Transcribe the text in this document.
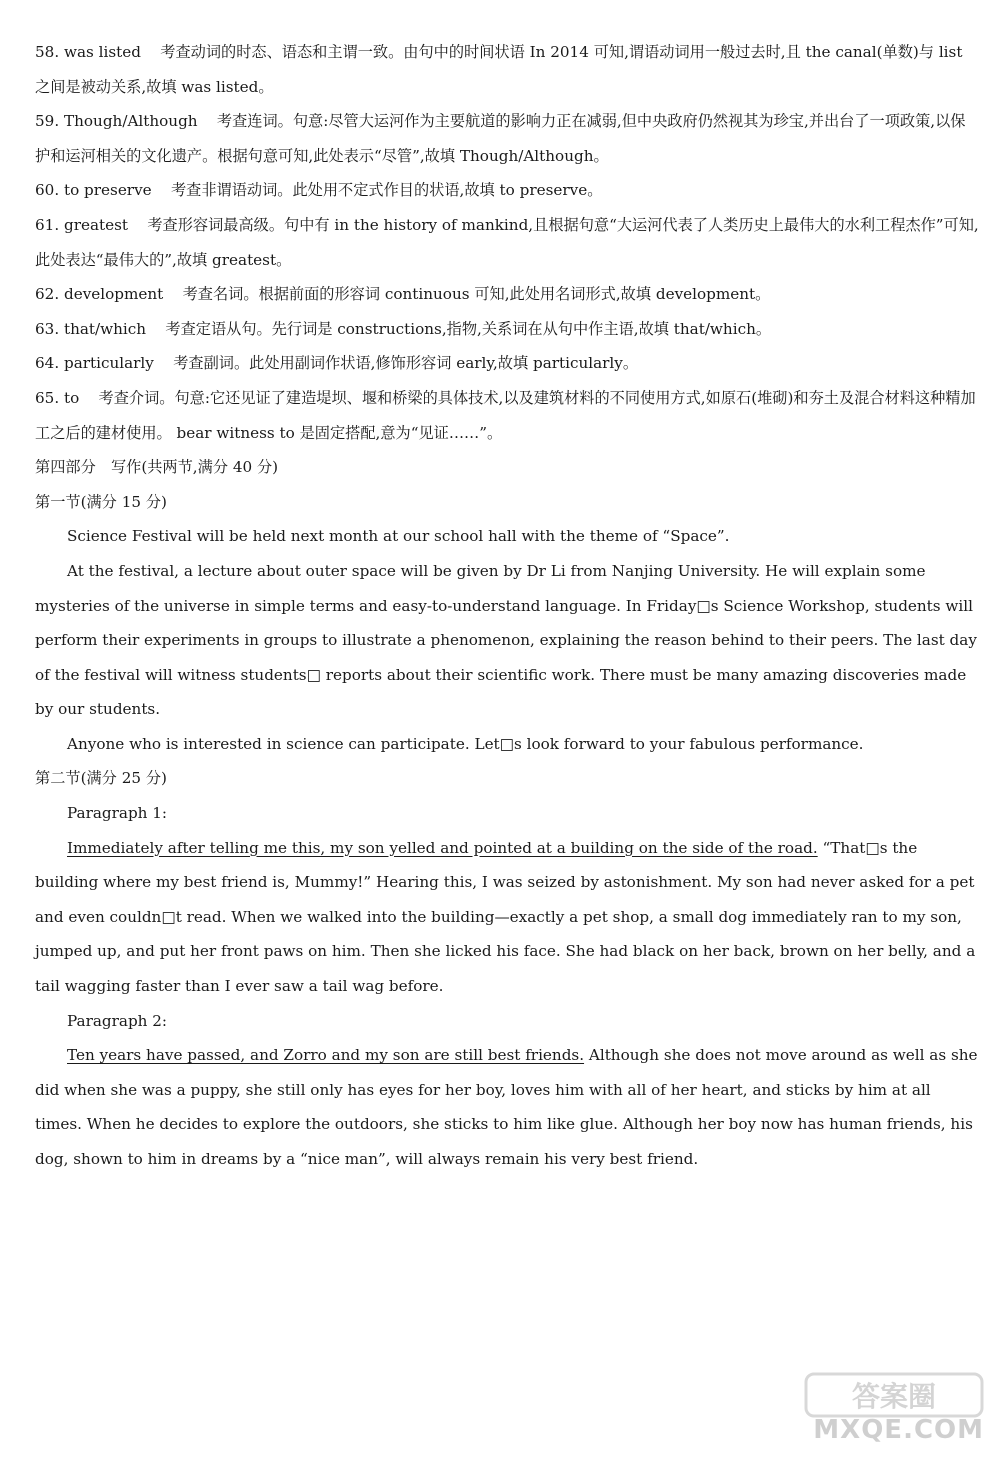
58. was listed 考查动词的时态、语态和主谓一致。由句中的时间状语 In 2014 可知,谓语动词用一般过去时,且 the canal(单数)与 list 之间是被动关系,故填 was listed。

59. Though/Although 考查连词。句意:尽管大运河作为主要航道的影响力正在减弱,但中央政府仍然视其为珍宝,并出台了一项政策,以保护和运河相关的文化遗产。根据句意可知,此处表示“尽管”,故填 Though/Although。

60. to preserve 考查非谓语动词。此处用不定式作目的状语,故填 to preserve。

61. greatest 考查形容词最高级。句中有 in the history of mankind,且根据句意“大运河代表了人类历史上最伟大的水利工程杰作”可知,此处表达“最伟大的”,故填 greatest。

62. development 考查名词。根据前面的形容词 continuous 可知,此处用名词形式,故填 development。

63. that/which 考查定语从句。先行词是 constructions,指物,关系词在从句中作主语,故填 that/which。

64. particularly 考查副词。此处用副词作状语,修饰形容词 early,故填 particularly。

65. to 考查介词。句意:它还见证了建造堤坝、堰和桥梁的具体技术,以及建筑材料的不同使用方式,如原石(堆砌)和夯土及混合材料这种精加工之后的建材使用。 bear witness to 是固定搭配,意为“见证……”。

第四部分　写作(共两节,满分 40 分)

第一节(满分 15 分)

Science Festival will be held next month at our school hall with the theme of “Space”.

At the festival, a lecture about outer space will be given by Dr Li from Nanjing University. He will explain some mysteries of the universe in simple terms and easy-to-understand language. In Friday□s Science Workshop, students will perform their experiments in groups to illustrate a phenomenon, explaining the reason behind to their peers. The last day of the festival will witness students□ reports about their scientific work. There must be many amazing discoveries made by our students.

Anyone who is interested in science can participate. Let□s look forward to your fabulous performance.

第二节(满分 25 分)

Paragraph 1:

Immediately after telling me this, my son yelled and pointed at a building on the side of the road. “That□s the building where my best friend is, Mummy!” Hearing this, I was seized by astonishment. My son had never asked for a pet and even couldn□t read. When we walked into the building—exactly a pet shop, a small dog immediately ran to my son, jumped up, and put her front paws on him. Then she licked his face. She had black on her back, brown on her belly, and a tail wagging faster than I ever saw a tail wag before.

Paragraph 2:

Ten years have passed, and Zorro and my son are still best friends. Although she does not move around as well as she did when she was a puppy, she still only has eyes for her boy, loves him with all of her heart, and sticks by him at all times. When he decides to explore the outdoors, she sticks to him like glue. Although her boy now has human friends, his dog, shown to him in dreams by a “nice man”, will always remain his very best friend.

答案圈
MXQE.COM
